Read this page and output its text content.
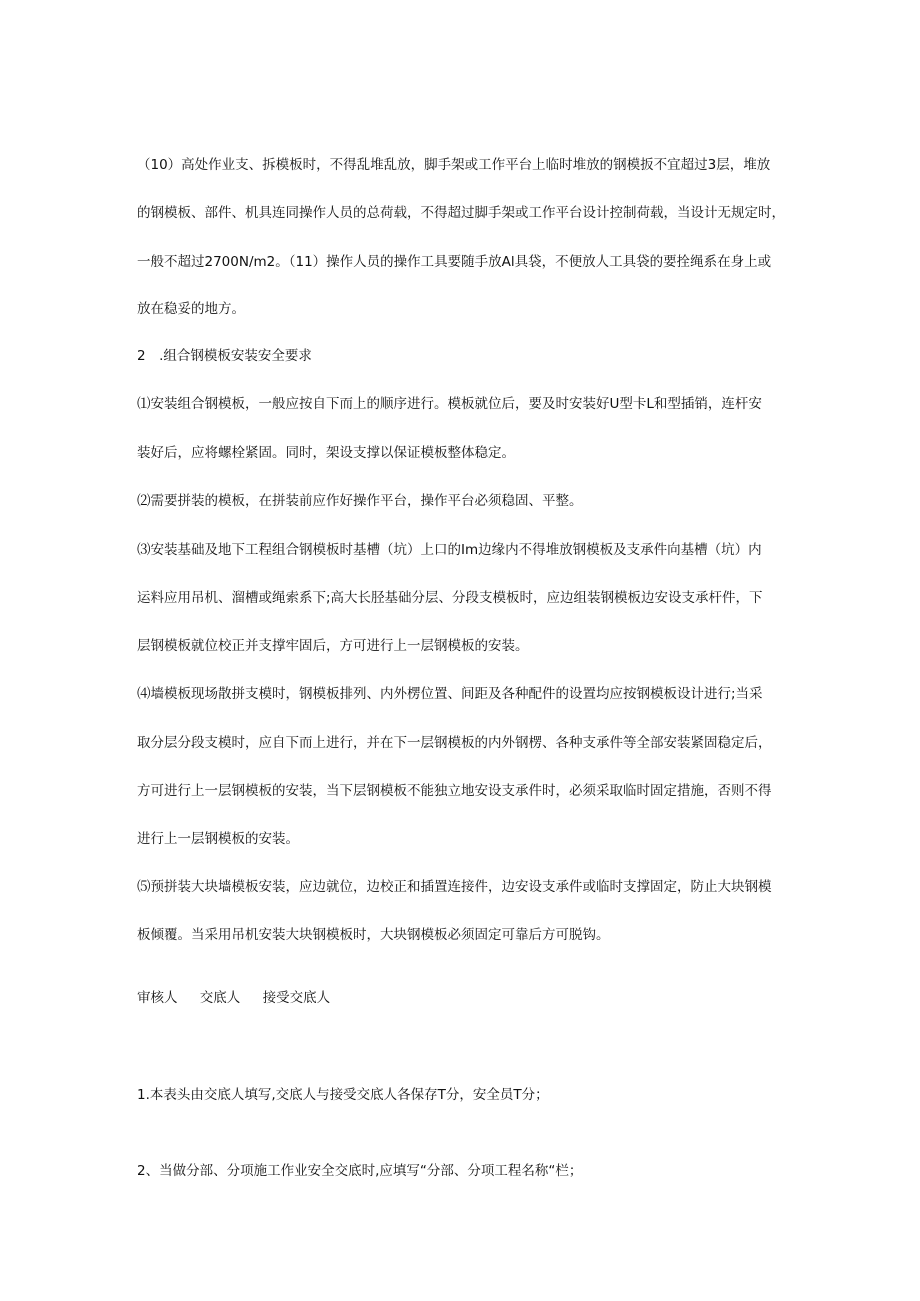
（10）高处作业支、拆模板时，不得乱堆乱放，脚手架或工作平台上临时堆放的钢模扳不宜超过3层，堆放
的钢模板、部件、机具连同操作人员的总荷载，不得超过脚手架或工作平台设计控制荷载，当设计无规定时，
一般不超过2700N/m2。（11）操作人员的操作工具要随手放Al具袋，不便放人工具袋的要拴绳系在身上或
放在稳妥的地方。
2　.组合钢模板安装安全要求
⑴安装组合钢模板，一般应按自下而上的顺序进行。模板就位后，要及时安装好U型卡L和型插销，连杆安
装好后，应将螺栓紧固。同时，架设支撑以保证模板整体稳定。
⑵需要拼装的模板，在拼装前应作好操作平台，操作平台必须稳固、平整。
⑶安装基础及地下工程组合钢模板时基槽（坑）上口的Im边缘内不得堆放钢模板及支承件向基槽（坑）内
运料应用吊机、溜槽或绳索系下;高大长胫基础分层、分段支模板时，应边组装钢模板边安设支承杆件，下
层钢模板就位校正并支撑牢固后，方可进行上一层钢模板的安装。
⑷墙模板现场散拼支模时，钢模板排列、内外楞位置、间距及各种配件的设置均应按钢模板设计进行;当采
取分层分段支模时，应自下而上进行，并在下一层钢模板的内外钢楞、各种支承件等全部安装紧固稳定后，
方可进行上一层钢模板的安装，当下层钢模板不能独立地安设支承件时，必须采取临时固定措施，否则不得
进行上一层钢模板的安装。
⑸预拼装大块墙模板安装，应边就位，边校正和插置连接件，边安设支承件或临时支撑固定，防止大块钢模
板倾覆。当采用吊机安装大块钢模板时，大块钢模板必须固定可靠后方可脱钩。
审核人 交底人 接受交底人
1.本表头由交底人填写,交底人与接受交底人各保存T分，安全员T分；
2、当做分部、分项施工作业安全交底时,应填写“分部、分项工程名称“栏；
